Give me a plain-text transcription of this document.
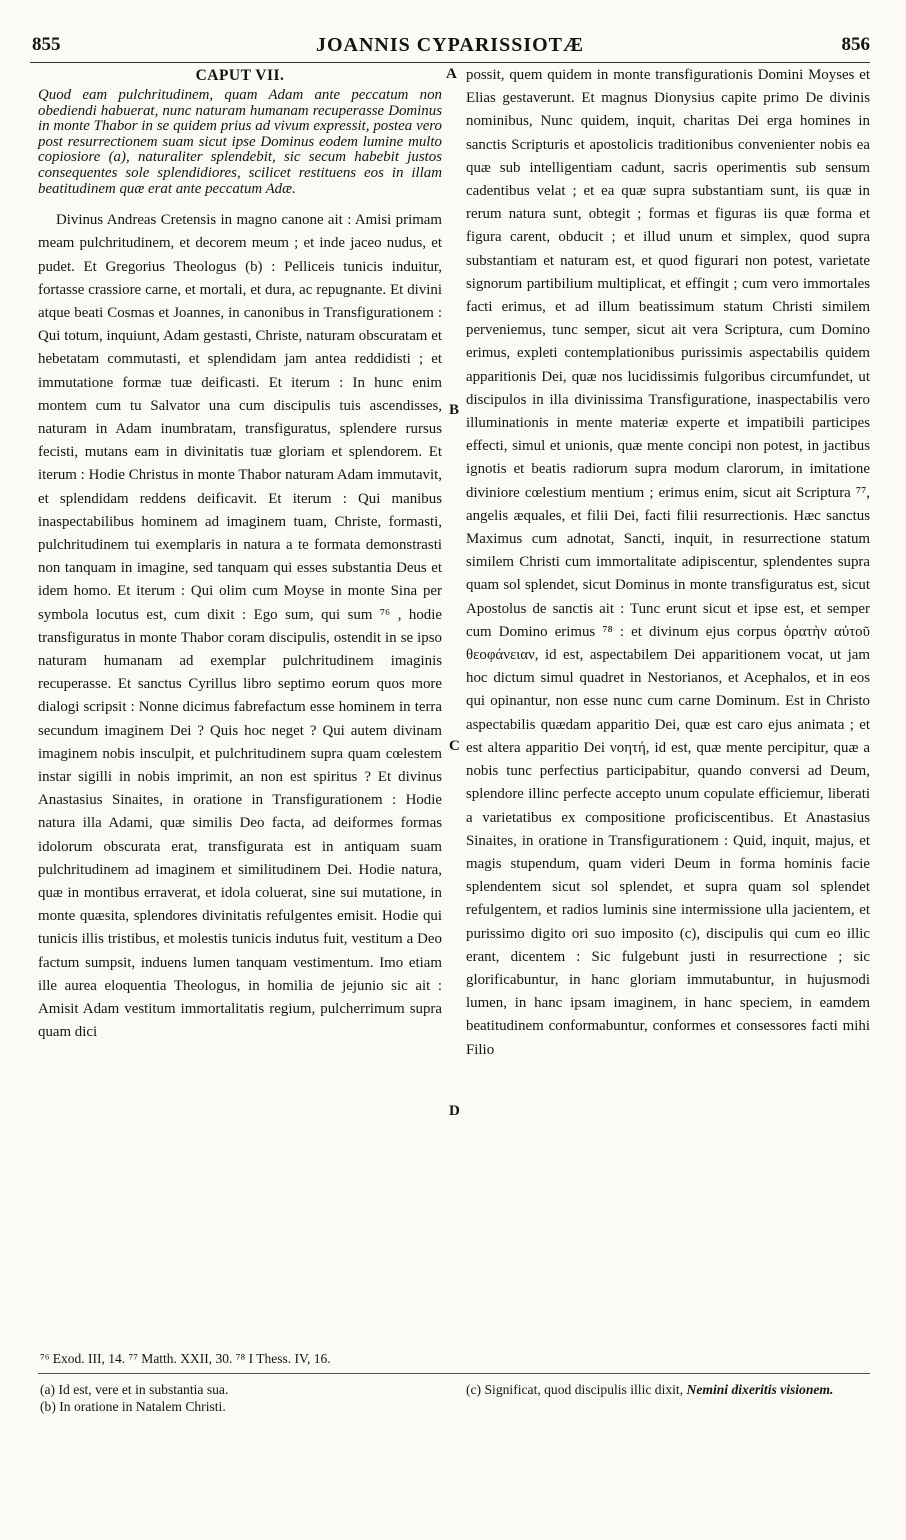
855	JOANNIS CYPARISSIOTÆ	856
CAPUT VII.

Quod eam pulchritudinem, quam Adam ante peccatum non obediendi habuerat, nunc naturam humanam recuperasse Dominus in monte Thabor in se quidem prius ad vivum expressit, postea vero post resurrectionem suam sicut ipse Dominus eodem lumine multo copiosiore (a), naturaliter splendebit, sic secum habebit justos consequentes sole splendidiores, scilicet restituens eos in illam beatitudinem quæ erat ante peccatum Adæ.

Divinus Andreas Cretensis in magno canone ait : Amisi primam meam pulchritudinem, et decorem meum ; et inde jaceo nudus, et pudet. Et Gregorius Theologus (b) : Pelliceis tunicis induitur, fortasse crassiore carne, et mortali, et dura, ac repugnante. Et divini atque beati Cosmas et Joannes, in canonibus in Transfigurationem : Qui totum, inquiunt, Adam gestasti, Christe, naturam obscuratam et hebetatam commutasti, et splendidam jam antea reddidisti ; et immutatione formæ tuæ deificasti. Et iterum : In hunc enim montem cum tu Salvator una cum discipulis tuis ascendisses, naturam in Adam inumbratam, transfiguratus, splendere rursus fecisti, mutans eam in divinitatis tuæ gloriam et splendorem. Et iterum : Hodie Christus in monte Thabor naturam Adam immutavit, et splendidam reddens deificavit. Et iterum : Qui manibus inaspectabilibus hominem ad imaginem tuam, Christe, formasti, pulchritudinem tui exemplaris in natura a te formata demonstrasti non tanquam in imagine, sed tanquam qui esses substantia Deus et idem homo. Et iterum : Qui olim cum Moyse in monte Sina per symbola locutus est, cum dixit : Ego sum, qui sum ⁷⁶ , hodie transfiguratus in monte Thabor coram discipulis, ostendit in se ipso naturam humanam ad exemplar pulchritudinem imaginis recuperasse. Et sanctus Cyrillus libro septimo eorum quos more dialogi scripsit : Nonne dicimus fabrefactum esse hominem in terra secundum imaginem Dei ? Quis hoc neget ? Qui autem divinam imaginem nobis insculpit, et pulchritudinem supra quam cœlestem instar sigilli in nobis imprimit, an non est spiritus ? Et divinus Anastasius Sinaites, in oratione in Transfigurationem : Hodie natura illa Adami, quæ similis Deo facta, ad deiformes formas idolorum obscurata erat, transfigurata est in antiquam suam pulchritudinem ad imaginem et similitudinem Dei. Hodie natura, quæ in montibus erraverat, et idola coluerat, sine sui mutatione, in monte quæsita, splendores divinitatis refulgentes emisit. Hodie qui tunicis illis tristibus, et molestis tunicis indutus fuit, vestitum a Deo factum sumpsit, induens lumen tanquam vestimentum. Imo etiam ille aurea eloquentia Theologus, in homilia de jejunio sic ait : Amisit Adam vestitum immortalitatis regium, pulcherrimum supra quam dici

possit, quem quidem in monte transfigurationis Domini Moyses et Elias gestaverunt. Et magnus Dionysius capite primo De divinis nominibus, Nunc quidem, inquit, charitas Dei erga homines in sanctis Scripturis et apostolicis traditionibus convenienter nobis ea quæ sub intelligentiam cadunt, sacris operimentis sub sensum cadentibus velat ; et ea quæ supra substantiam sunt, iis quæ in rerum natura sunt, obtegit ; formas et figuras iis quæ forma et figura carent, obducit ; et illud unum et simplex, quod supra substantiam et naturam est, et quod figurari non potest, varietate signorum partibilium multiplicat, et effingit ; cum vero immortales facti erimus, et ad illum beatissimum statum Christi similem perveniemus, tunc semper, sicut ait vera Scriptura, cum Domino erimus, expleti contemplationibus purissimis aspectabilis quidem apparitionis Dei, quæ nos lucidissimis fulgoribus circumfundet, ut discipulos in illa divinissima Transfiguratione, inaspectabilis vero illuminationis in mente materiæ experte et impatibili participes effecti, simul et unionis, quæ mente concipi non potest, in jactibus ignotis et beatis radiorum supra modum clarorum, in imitatione diviniore cœlestium mentium ; erimus enim, sicut ait Scriptura ⁷⁷, angelis æquales, et filii Dei, facti filii resurrectionis. Hæc sanctus Maximus cum adnotat, Sancti, inquit, in resurrectione statum similem Christi cum immortalitate adipiscentur, splendentes supra quam sol splendet, sicut Dominus in monte transfiguratus est, sicut Apostolus de sanctis ait : Tunc erunt sicut et ipse est, et semper cum Domino erimus ⁷⁸ : et divinum ejus corpus ὁρατὴν αὐτοῦ θεοφάνειαν, id est, aspectabilem Dei apparitionem vocat, ut jam hoc dictum simul quadret in Nestorianos, et Acephalos, et in eos qui opinantur, non esse nunc cum carne Dominum. Est in Christo aspectabilis quædam apparitio Dei, quæ est caro ejus animata ; et est altera apparitio Dei νοητή, id est, quæ mente percipitur, quæ a nobis tunc perfectius participabitur, quando conversi ad Deum, splendore illinc perfecte accepto unum copulate efficiemur, liberati a varietatibus ex compositione proficiscentibus. Et Anastasius Sinaites, in oratione in Transfigurationem : Quid, inquit, majus, et magis stupendum, quam videri Deum in forma hominis facie splendentem sicut sol splendet, et supra quam sol splendet refulgentem, et radios luminis sine intermissione ulla jacientem, et purissimo digito ori suo imposito (c), discipulis qui cum eo illic erant, dicentem : Sic fulgebunt justi in resurrectione ; sic glorificabuntur, in hanc gloriam immutabuntur, in hujusmodi lumen, in hanc ipsam imaginem, in hanc speciem, in eamdem beatitudinem conformabuntur, conformes et consessores facti mihi Filio

A
B
C
D
⁷⁶ Exod. III, 14. ⁷⁷ Matth. XXII, 30. ⁷⁸ I Thess. IV, 16.
(a) Id est, vere et in substantia sua.
(b) In oratione in Natalem Christi.
(c) Significat, quod discipulis illic dixit, Nemini dixeritis visionem.
